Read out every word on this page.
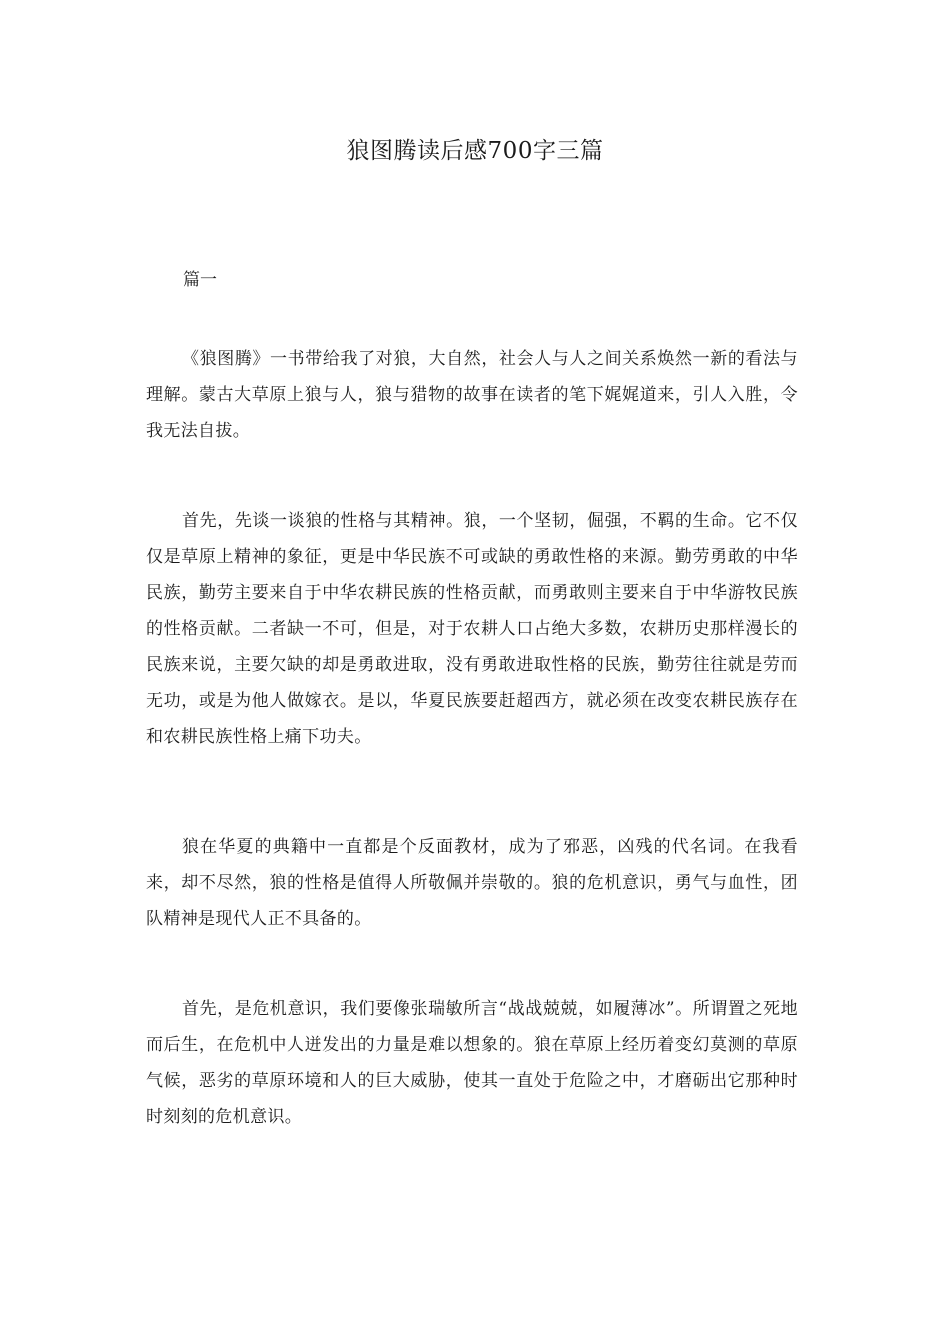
狼图腾读后感700字三篇
篇一

《狼图腾》一书带给我了对狼，大自然，社会人与人之间关系焕然一新的看法与理解。蒙古大草原上狼与人，狼与猎物的故事在读者的笔下娓娓道来，引人入胜，令我无法自拔。

首先，先谈一谈狼的性格与其精神。狼，一个坚韧，倔强，不羁的生命。它不仅仅是草原上精神的象征，更是中华民族不可或缺的勇敢性格的来源。勤劳勇敢的中华民族，勤劳主要来自于中华农耕民族的性格贡献，而勇敢则主要来自于中华游牧民族的性格贡献。二者缺一不可，但是，对于农耕人口占绝大多数，农耕历史那样漫长的民族来说，主要欠缺的却是勇敢进取，没有勇敢进取性格的民族，勤劳往往就是劳而无功，或是为他人做嫁衣。是以，华夏民族要赶超西方，就必须在改变农耕民族存在和农耕民族性格上痛下功夫。

狼在华夏的典籍中一直都是个反面教材，成为了邪恶，凶残的代名词。在我看来，却不尽然，狼的性格是值得人所敬佩并崇敬的。狼的危机意识，勇气与血性，团队精神是现代人正不具备的。

首先，是危机意识，我们要像张瑞敏所言“战战兢兢，如履薄冰”。所谓置之死地而后生，在危机中人迸发出的力量是难以想象的。狼在草原上经历着变幻莫测的草原气候，恶劣的草原环境和人的巨大威胁，使其一直处于危险之中，才磨砺出它那种时时刻刻的危机意识。
